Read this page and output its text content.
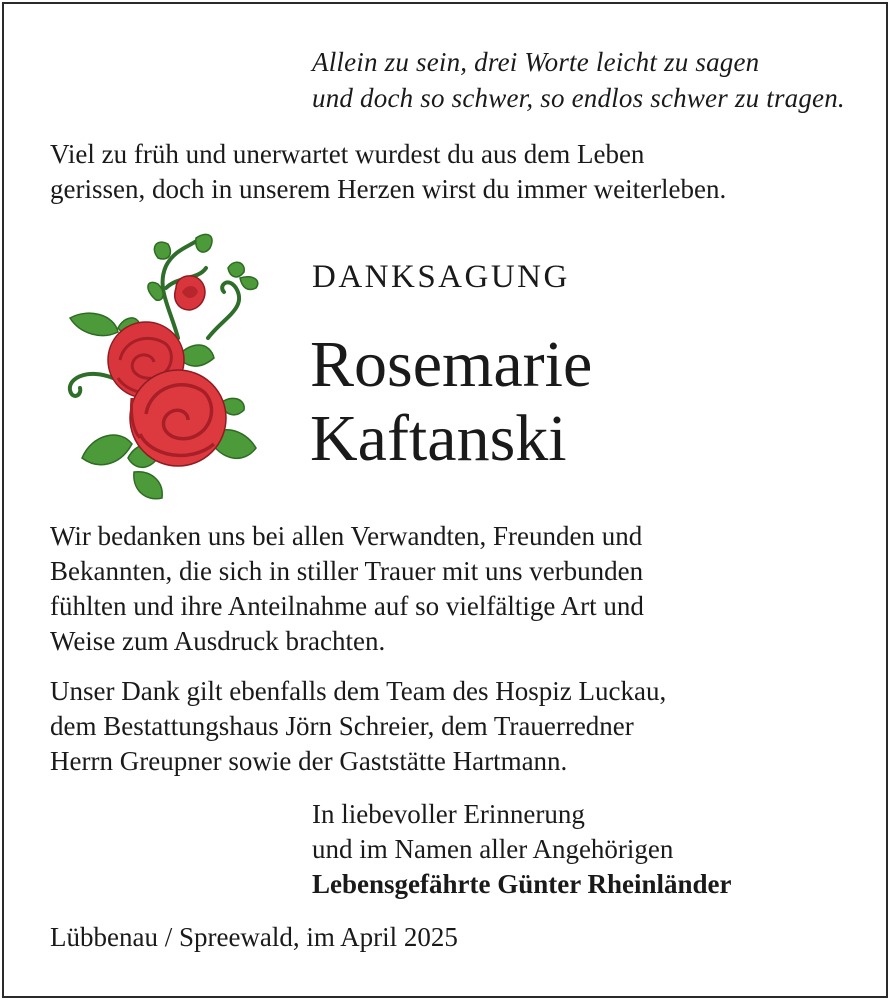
Allein zu sein, drei Worte leicht zu sagen
und doch so schwer, so endlos schwer zu tragen.
Viel zu früh und unerwartet wurdest du aus dem Leben
gerissen, doch in unserem Herzen wirst du immer weiterleben.
DANKSAGUNG
Rosemarie
Kaftanski
Wir bedanken uns bei allen Verwandten, Freunden und
Bekannten, die sich in stiller Trauer mit uns verbunden
fühlten und ihre Anteilnahme auf so vielfältige Art und
Weise zum Ausdruck brachten.
Unser Dank gilt ebenfalls dem Team des Hospiz Luckau,
dem Bestattungshaus Jörn Schreier, dem Trauerredner
Herrn Greupner sowie der Gaststätte Hartmann.
In liebevoller Erinnerung
und im Namen aller Angehörigen
Lebensgefährte Günter Rheinländer
Lübbenau / Spreewald, im April 2025
